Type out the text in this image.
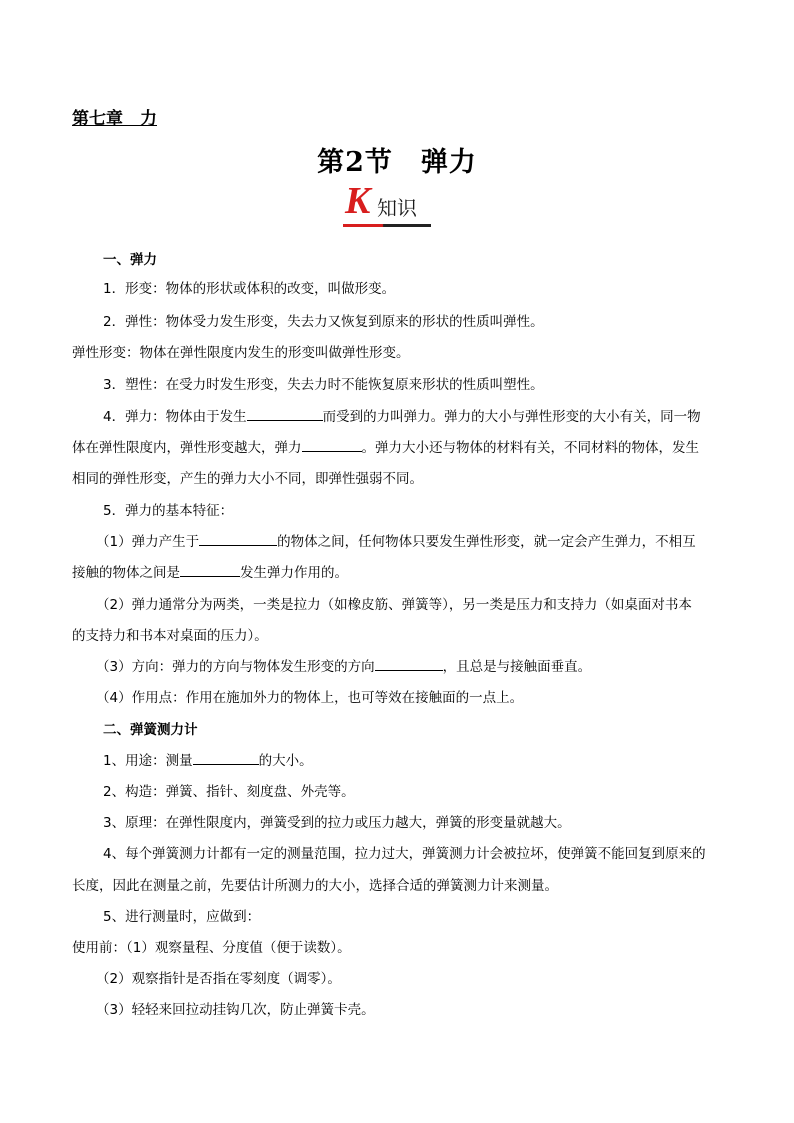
第七章　力
第2节　弹力
K 知识
一、弹力
1．形变：物体的形状或体积的改变，叫做形变。
2．弹性：物体受力发生形变，失去力又恢复到原来的形状的性质叫弹性。
弹性形变：物体在弹性限度内发生的形变叫做弹性形变。
3．塑性：在受力时发生形变，失去力时不能恢复原来形状的性质叫塑性。
4．弹力：物体由于发生	而受到的力叫弹力。弹力的大小与弹性形变的大小有关，同一物
体在弹性限度内，弹性形变越大，弹力	。弹力大小还与物体的材料有关，不同材料的物体，发生
相同的弹性形变，产生的弹力大小不同，即弹性强弱不同。
5．弹力的基本特征：
（1）弹力产生于	的物体之间，任何物体只要发生弹性形变，就一定会产生弹力，不相互
接触的物体之间是	发生弹力作用的。
（2）弹力通常分为两类，一类是拉力（如橡皮筋、弹簧等），另一类是压力和支持力（如桌面对书本
的支持力和书本对桌面的压力）。
（3）方向：弹力的方向与物体发生形变的方向	，且总是与接触面垂直。
（4）作用点：作用在施加外力的物体上，也可等效在接触面的一点上。
二、弹簧测力计
1、用途：测量	的大小。
2、构造：弹簧、指针、刻度盘、外壳等。
3、原理：在弹性限度内，弹簧受到的拉力或压力越大，弹簧的形变量就越大。
4、每个弹簧测力计都有一定的测量范围，拉力过大，弹簧测力计会被拉坏，使弹簧不能回复到原来的
长度，因此在测量之前，先要估计所测力的大小，选择合适的弹簧测力计来测量。
5、进行测量时，应做到：
使用前：（1）观察量程、分度值（便于读数）。
（2）观察指针是否指在零刻度（调零）。
（3）轻轻来回拉动挂钩几次，防止弹簧卡壳。
